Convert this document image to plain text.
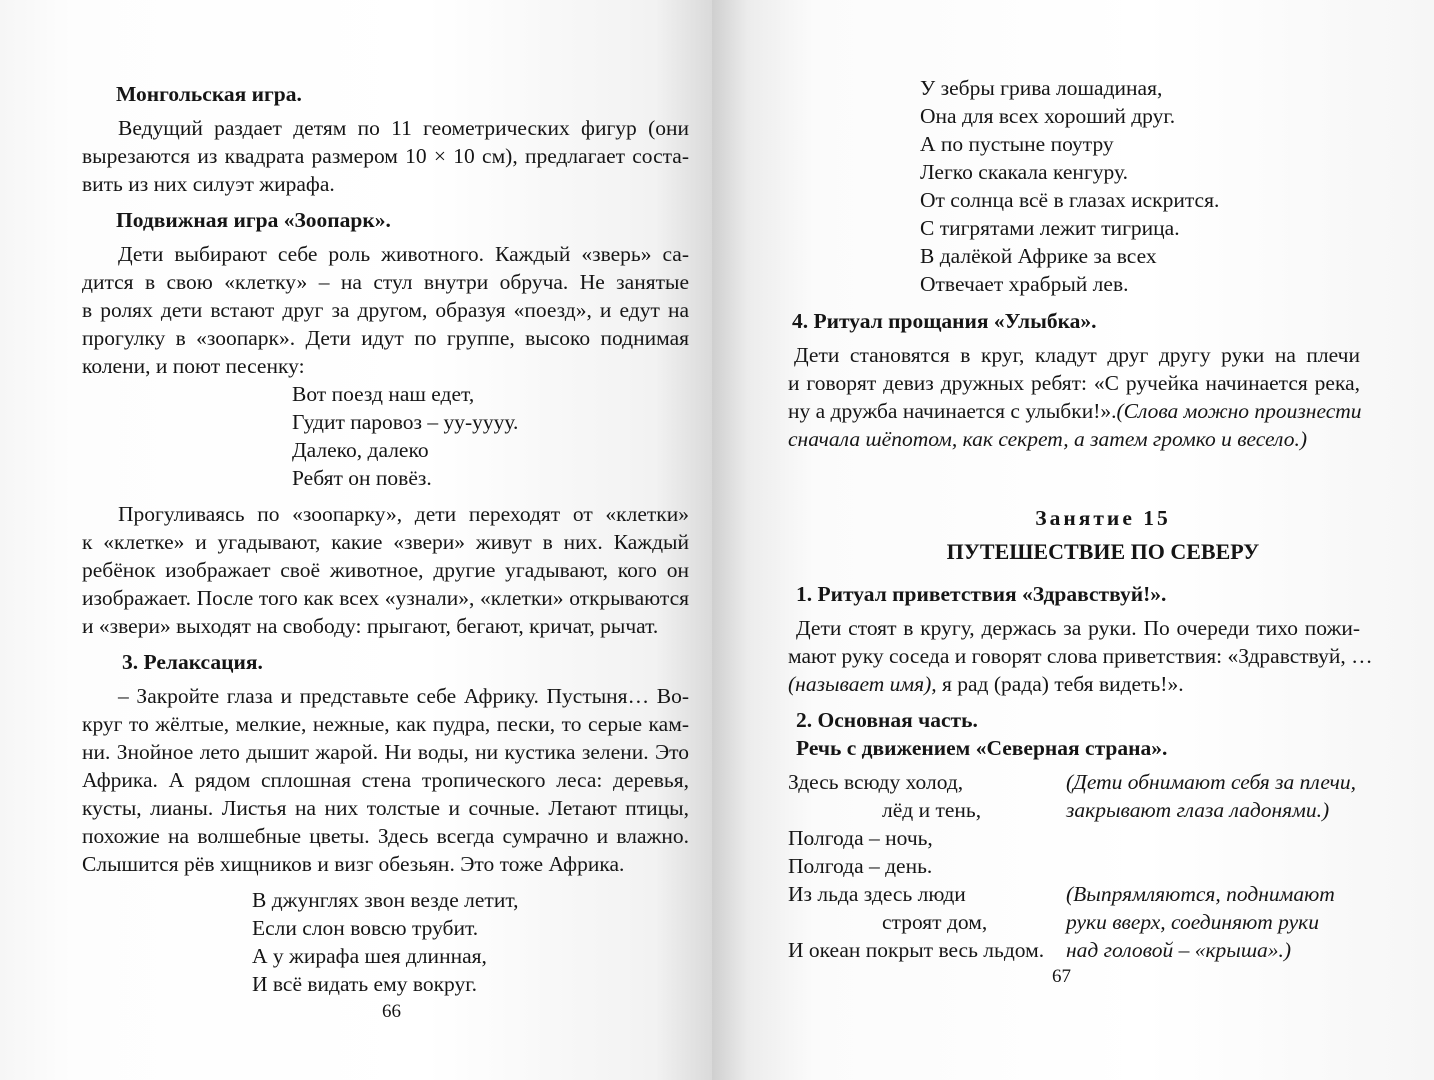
Монгольская игра.
Ведущий раздает детям по 11 геометрических фигур (они
вырезаются из квадрата размером 10 × 10 см), предлагает соста-
вить из них силуэт жирафа.
Подвижная игра «Зоопарк».
Дети выбирают себе роль животного. Каждый «зверь» са-
дится в свою «клетку» – на стул внутри обруча. Не занятые
в ролях дети встают друг за другом, образуя «поезд», и едут на
прогулку в «зоопарк». Дети идут по группе, высоко поднимая
колени, и поют песенку:
Вот поезд наш едет,
Гудит паровоз – уу-уууу.
Далеко, далеко
Ребят он повёз.
Прогуливаясь по «зоопарку», дети переходят от «клетки»
к «клетке» и угадывают, какие «звери» живут в них. Каждый
ребёнок изображает своё животное, другие угадывают, кого он
изображает. После того как всех «узнали», «клетки» открываются
и «звери» выходят на свободу: прыгают, бегают, кричат, рычат.
3. Релаксация.
– Закройте глаза и представьте себе Африку. Пустыня… Во-
круг то жёлтые, мелкие, нежные, как пудра, пески, то серые кам-
ни. Знойное лето дышит жарой. Ни воды, ни кустика зелени. Это
Африка. А рядом сплошная стена тропического леса: деревья,
кусты, лианы. Листья на них толстые и сочные. Летают птицы,
похожие на волшебные цветы. Здесь всегда сумрачно и влажно.
Слышится рёв хищников и визг обезьян. Это тоже Африка.
В джунглях звон везде летит,
Если слон вовсю трубит.
А у жирафа шея длинная,
И всё видать ему вокруг.
66
У зебры грива лошадиная,
Она для всех хороший друг.
А по пустыне поутру
Легко скакала кенгуру.
От солнца всё в глазах искрится.
С тигрятами лежит тигрица.
В далёкой Африке за всех
Отвечает храбрый лев.
4. Ритуал прощания «Улыбка».
Дети становятся в круг, кладут друг другу руки на плечи
и говорят девиз дружных ребят: «С ручейка начинается река,
ну а дружба начинается с улыбки!». (Слова можно произнести
сначала шёпотом, как секрет, а затем громко и весело.)
Занятие 15
ПУТЕШЕСТВИЕ ПО СЕВЕРУ
1. Ритуал приветствия «Здравствуй!».
Дети стоят в кругу, держась за руки. По очереди тихо пожи-
мают руку соседа и говорят слова приветствия: «Здравствуй, …
(называет имя), я рад (рада) тебя видеть!».
2. Основная часть.
Речь с движением «Северная страна».
Здесь всюду холод,
лёд и тень,
Полгода – ночь,
Полгода – день.
Из льда здесь люди
строят дом,
И океан покрыт весь льдом.
(Дети обнимают себя за плечи,
закрывают глаза ладонями.)
(Выпрямляются, поднимают
руки вверх, соединяют руки
над головой – «крыша».)
67
